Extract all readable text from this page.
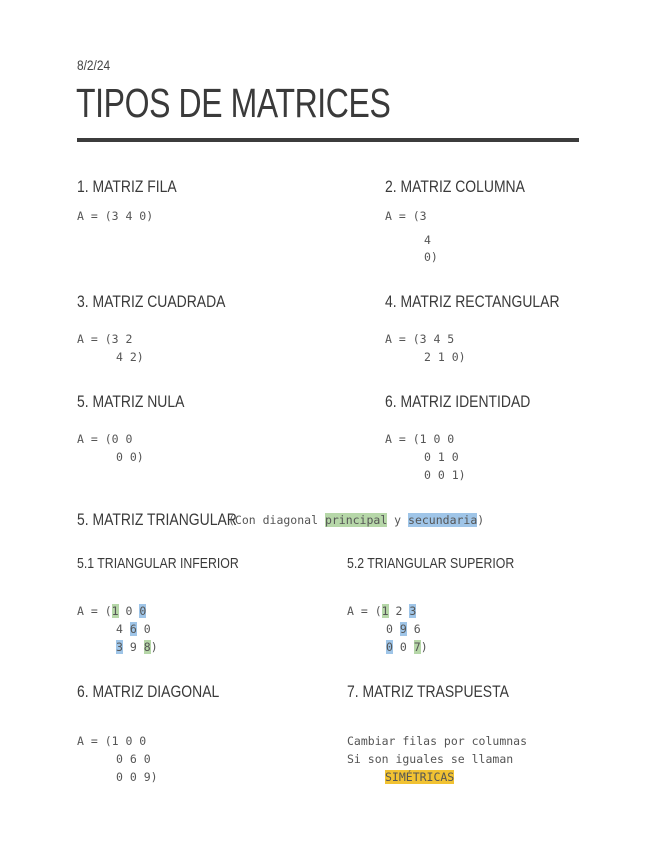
8/2/24
TIPOS DE MATRICES
1. MATRIZ FILA
A = (3 4 0)
2. MATRIZ COLUMNA
A = (3
4
0)
3. MATRIZ CUADRADA
A = (3 2
4 2)
4. MATRIZ RECTANGULAR
A = (3 4 5
2 1 0)
5. MATRIZ NULA
A = (0 0
0 0)
6. MATRIZ IDENTIDAD
A = (1 0 0
0 1 0
0 0 1)
5. MATRIZ TRIANGULAR
(Con diagonal principal y secundaria)
5.1 TRIANGULAR INFERIOR
A = (1 0 0
4 6 0
3 9 8)
5.2 TRIANGULAR SUPERIOR
A = (1 2 3
0 9 6
0 0 7)
6. MATRIZ DIAGONAL
A = (1 0 0
0 6 0
0 0 9)
7. MATRIZ TRASPUESTA
Cambiar filas por columnas
Si son iguales se llaman
SIMÉTRICAS
